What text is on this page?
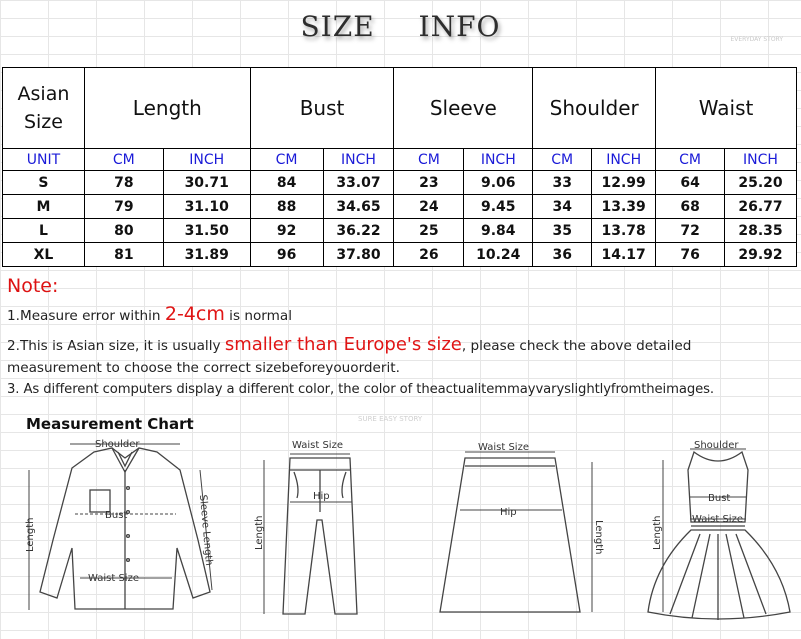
SIZE INFO	EVERYDAY STORY
Asian
Size	Length		Bust		Sleeve		Shoulder		Waist	
UNIT	CM	INCH	CM	INCH	CM	INCH	CM	INCH	CM	INCH
S	78	30.71	84	33.07	23	9.06	33	12.99	64	25.20
M	79	31.10	88	34.65	24	9.45	34	13.39	68	26.77
L	80	31.50	92	36.22	25	9.84	35	13.78	72	28.35
XL	81	31.89	96	37.80	26	10.24	36	14.17	76	29.92
Note:
1.Measure error within 2-4cm is normal
2.This is Asian size, it is usually smaller than Europe's size, please check the above detailed
measurement to choose the correct sizebeforeyouorderit.
3. As different computers display a different color, the color of theactualitemmayvaryslightlyfromtheimages.
Measurement Chart
Shoulder
Bust
Waist Size
Length	Sleeve Length
Waist Size
Hip
Length
Waist Size
Hip
Length
Shoulder
Bust
Waist Size
Length
SURE EASY STORY
